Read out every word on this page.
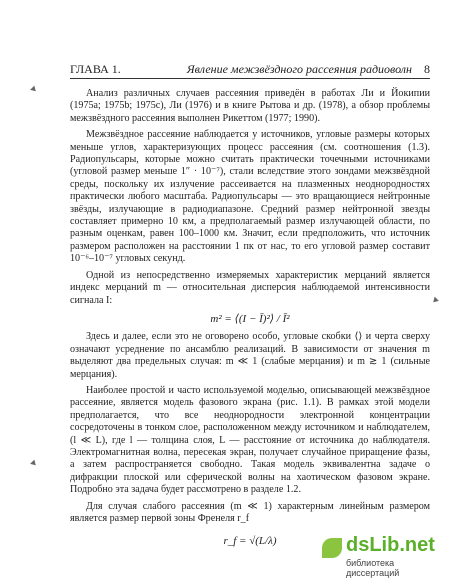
ГЛАВА 1.	Явление межзвёздного рассеяния радиоволн 8

Анализ различных случаев рассеяния приведён в работах Ли и Йокипии (1975a; 1975b; 1975c), Ли (1976) и в книге Рытова и др. (1978), а обзор проблемы межзвёздного рассеяния выполнен Рикеттом (1977; 1990).

Межзвёздное рассеяние наблюдается у источников, угловые размеры которых меньше углов, характеризующих процесс рассеяния (см. соотношения (1.3). Радиопульсары, которые можно считать практически точечными источниками (угловой размер меньше 1″ · 10⁻⁷), стали вследствие этого зондами межзвёздной среды, поскольку их излучение рассеивается на плазменных неоднородностях практически любого масштаба. Радиопульсары — это вращающиеся нейтронные звёзды, излучающие в радиодиапазоне. Средний размер нейтронной звезды составляет примерно 10 км, а предполагаемый размер излучающей области, по разным оценкам, равен 100–1000 км. Значит, если предположить, что источник размером расположен на расстоянии 1 пк от нас, то его угловой размер составит 10⁻⁶–10⁻⁷ угловых секунд.

Одной из непосредственно измеряемых характеристик мерцаний является индекс мерцаний m — относительная дисперсия наблюдаемой интенсивности сигнала I:

m² = ⟨(I − Ī)²⟩ / Ī²

Здесь и далее, если это не оговорено особо, угловые скобки ⟨⟩ и черта сверху означают усреднение по ансамблю реализаций. В зависимости от значения m выделяют два предельных случая: m ≪ 1 (слабые мерцания) и m ≳ 1 (сильные мерцания).

Наиболее простой и часто используемой моделью, описывающей межзвёздное рассеяние, является модель фазового экрана (рис. 1.1). В рамках этой модели предполагается, что все неоднородности электронной концентрации сосредоточены в тонком слое, расположенном между источником и наблюдателем, (l ≪ L), где l — толщина слоя, L — расстояние от источника до наблюдателя. Электромагнитная волна, пересекая экран, получает случайное приращение фазы, а затем распространяется свободно. Такая модель эквивалентна задаче о дифракции плоской или сферической волны на хаотическом фазовом экране. Подробно эта задача будет рассмотрено в разделе 1.2.

Для случая слабого рассеяния (m ≪ 1) характерным линейным размером является размер первой зоны Френеля r_f

r_f = √(L/λ)	dsLib.net
библиотека диссертаций
